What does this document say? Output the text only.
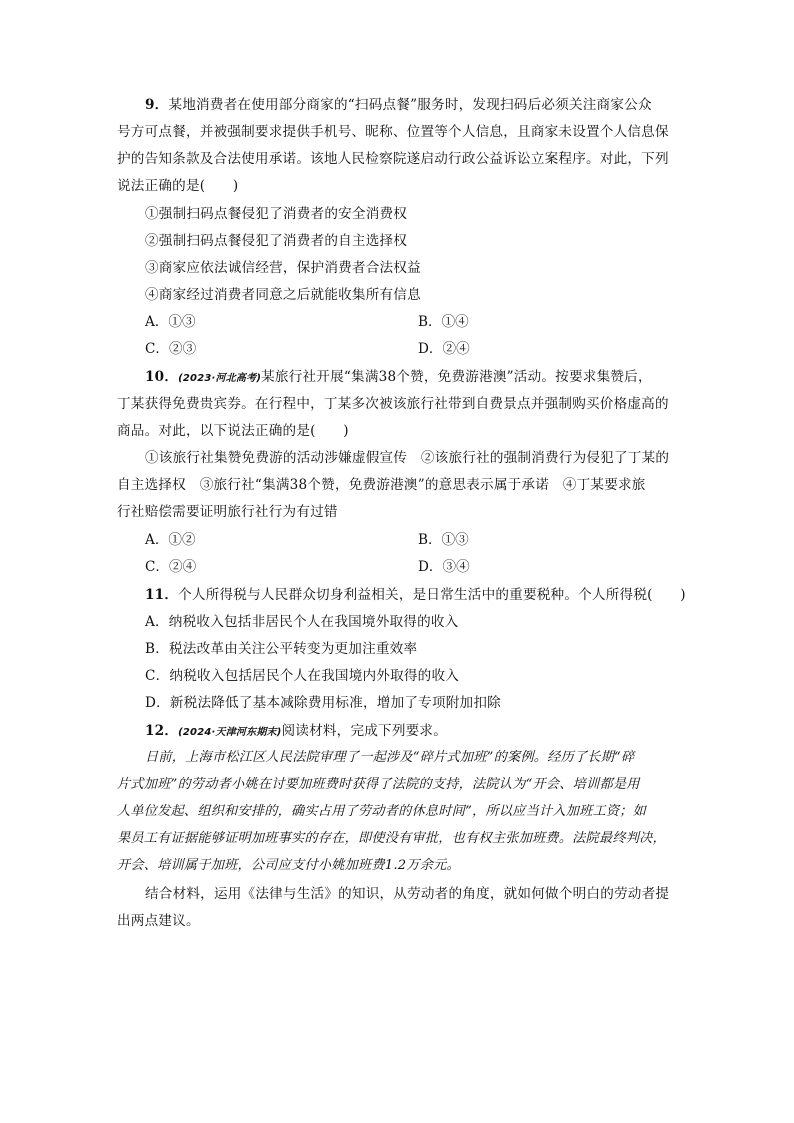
9．某地消费者在使用部分商家的“扫码点餐”服务时，发现扫码后必须关注商家公众
号方可点餐，并被强制要求提供手机号、昵称、位置等个人信息，且商家未设置个人信息保
护的告知条款及合法使用承诺。该地人民检察院遂启动行政公益诉讼立案程序。对此，下列
说法正确的是(　　)
①强制扫码点餐侵犯了消费者的安全消费权
②强制扫码点餐侵犯了消费者的自主选择权
③商家应依法诚信经营，保护消费者合法权益
④商家经过消费者同意之后就能收集所有信息
A．①③	B．①④
C．②③	D．②④
10．(2023·河北高考)某旅行社开展“集满38个赞，免费游港澳”活动。按要求集赞后，
丁某获得免费贵宾券。在行程中，丁某多次被该旅行社带到自费景点并强制购买价格虚高的
商品。对此，以下说法正确的是(　　)
①该旅行社集赞免费游的活动涉嫌虚假宣传　②该旅行社的强制消费行为侵犯了丁某的
自主选择权　③旅行社“集满38个赞，免费游港澳”的意思表示属于承诺　④丁某要求旅
行社赔偿需要证明旅行社行为有过错
A．①②	B．①③
C．②④	D．③④
11．个人所得税与人民群众切身利益相关，是日常生活中的重要税种。个人所得税(　　)
A．纳税收入包括非居民个人在我国境外取得的收入
B．税法改革由关注公平转变为更加注重效率
C．纳税收入包括居民个人在我国境内外取得的收入
D．新税法降低了基本减除费用标准，增加了专项附加扣除
12．(2024·天津河东期末)阅读材料，完成下列要求。
日前，上海市松江区人民法院审理了一起涉及“碎片式加班”的案例。经历了长期“碎
片式加班”的劳动者小姚在讨要加班费时获得了法院的支持，法院认为“开会、培训都是用
人单位发起、组织和安排的，确实占用了劳动者的休息时间”，所以应当计入加班工资；如
果员工有证据能够证明加班事实的存在，即使没有审批，也有权主张加班费。法院最终判决，
开会、培训属于加班，公司应支付小姚加班费1.2万余元。
结合材料，运用《法律与生活》的知识，从劳动者的角度，就如何做个明白的劳动者提
出两点建议。
